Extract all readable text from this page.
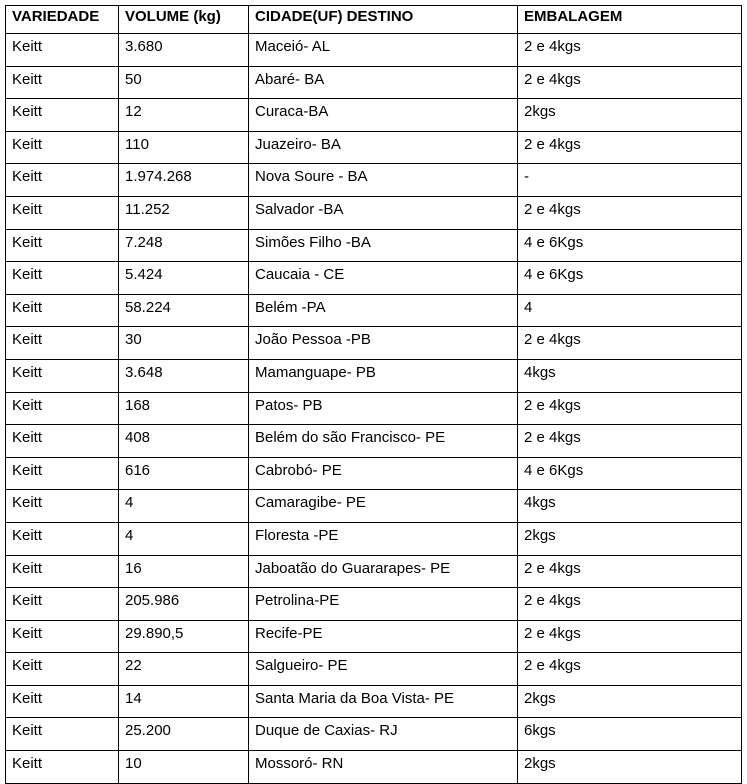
VARIEDADE	VOLUME (kg)	CIDADE(UF) DESTINO	EMBALAGEM
Keitt	3.680	Maceió- AL	2 e 4kgs
Keitt	50	Abaré- BA	2 e 4kgs
Keitt	12	Curaca-BA	2kgs
Keitt	110	Juazeiro- BA	2 e 4kgs
Keitt	1.974.268	Nova Soure - BA	-
Keitt	11.252	Salvador -BA	2 e 4kgs
Keitt	7.248	Simões Filho -BA	4 e 6Kgs
Keitt	5.424	Caucaia - CE	4 e 6Kgs
Keitt	58.224	Belém -PA	4
Keitt	30	João Pessoa -PB	2 e 4kgs
Keitt	3.648	Mamanguape- PB	4kgs
Keitt	168	Patos- PB	2 e 4kgs
Keitt	408	Belém do são Francisco- PE	2 e 4kgs
Keitt	616	Cabrobó- PE	4 e 6Kgs
Keitt	4	Camaragibe- PE	4kgs
Keitt	4	Floresta -PE	2kgs
Keitt	16	Jaboatão do Guararapes- PE	2 e 4kgs
Keitt	205.986	Petrolina-PE	2 e 4kgs
Keitt	29.890,5	Recife-PE	2 e 4kgs
Keitt	22	Salgueiro- PE	2 e 4kgs
Keitt	14	Santa Maria da Boa Vista- PE	2kgs
Keitt	25.200	Duque de Caxias- RJ	6kgs
Keitt	10	Mossoró- RN	2kgs
